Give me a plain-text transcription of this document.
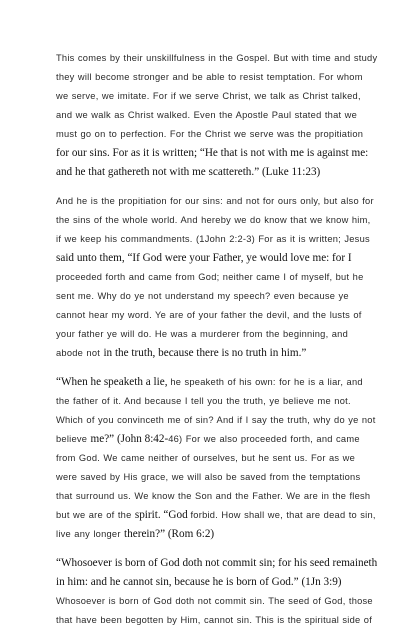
This comes by their unskillfulness in the Gospel. But with time and study they will become stronger and be able to resist temptation. For whom we serve, we imitate. For if we serve Christ, we talk as Christ talked, and we walk as Christ walked. Even the Apostle Paul stated that we must go on to perfection. For the Christ we serve was the propitiation for our sins. For as it is written; “He that is not with me is against me: and he that gathereth not with me scattereth.” (Luke 11:23)

And he is the propitiation for our sins: and not for ours only, but also for the sins of the whole world. And hereby we do know that we know him, if we keep his commandments. (1John 2:2-3) For as it is written; Jesus said unto them, “If God were your Father, ye would love me: for I proceeded forth and came from God; neither came I of myself, but he sent me. Why do ye not understand my speech? even because ye cannot hear my word. Ye are of your father the devil, and the lusts of your father ye will do. He was a murderer from the beginning, and abode not in the truth, because there is no truth in him.”

“When he speaketh a lie, he speaketh of his own: for he is a liar, and the father of it. And because I tell you the truth, ye believe me not. Which of you convinceth me of sin? And if I say the truth, why do ye not believe me?” (John 8:42-46) For we also proceeded forth, and came from God. We came neither of ourselves, but he sent us. For as we were saved by His grace, we will also be saved from the temptations that surround us. We know the Son and the Father. We are in the flesh but we are of the spirit. “God forbid. How shall we, that are dead to sin, live any longer therein?” (Rom 6:2)

“Whosoever is born of God doth not commit sin; for his seed remaineth in him: and he cannot sin, because he is born of God.” (1Jn 3:9) Whosoever is born of God doth not commit sin. The seed of God, those that have been begotten by Him, cannot sin. This is the spiritual side of
